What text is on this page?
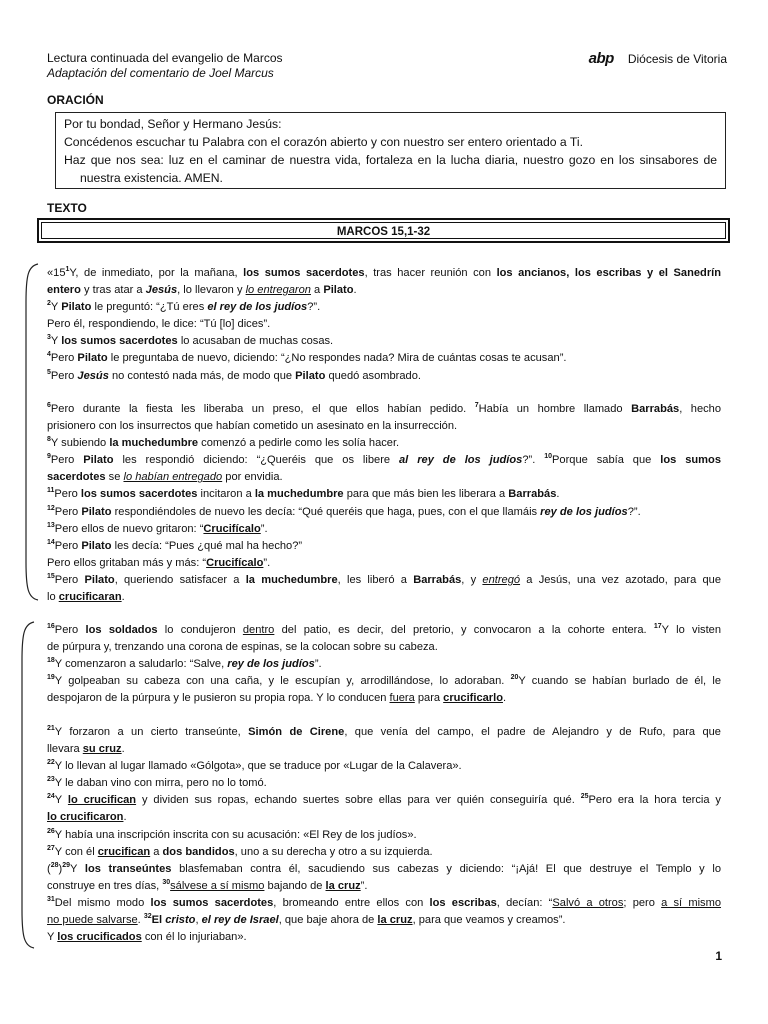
Lectura continuada del evangelio de Marcos
Adaptación del comentario de Joel Marcus
abp Diócesis de Vitoria
ORACIÓN
Por tu bondad, Señor y Hermano Jesús:
Concédenos escuchar tu Palabra con el corazón abierto y con nuestro ser entero orientado a Ti.
Haz que nos sea: luz en el caminar de nuestra vida, fortaleza en la lucha diaria, nuestro gozo en los sinsabores de nuestra existencia. AMEN.
TEXTO
MARCOS 15,1-32
«$15^1Y$, de inmediato, por la mañana, los sumos sacerdotes, tras hacer reunión con los ancianos, los escribas y el Sanedrín
entero y tras atar a Jesús, lo llevaron y lo entregaron a Pilato.
$^2$Y Pilato le preguntó: “¿Tú eres el rey de los judíos?”.
Pero él, respondiendo, le dice: “Tú [lo] dices”.
$^3$Y los sumos sacerdotes lo acusaban de muchas cosas.
$^4$Pero Pilato le preguntaba de nuevo, diciendo: “¿No respondes nada? Mira de cuántas cosas te acusan”.
$^5$Pero Jesús no contestó nada más, de modo que Pilato quedó asombrado.
$^6$Pero durante la fiesta les liberaba un preso, el que ellos habían pedido. $^7$Había un hombre llamado Barrabás, hecho
prisionero con los insurrectos que habían cometido un asesinato en la insurrección.
$^8$Y subiendo la muchedumbre comenzó a pedirle como les solía hacer.
$^9$Pero Pilato les respondió diciendo: “¿Queréis que os libere al rey de los judíos?”. $^{10}$Porque sabía que los sumos
sacerdotes se lo habían entregado por envidia.
$^{11}$Pero los sumos sacerdotes incitaron a la muchedumbre para que más bien les liberara a Barrabás.
$^{12}$Pero Pilato respondiéndoles de nuevo les decía: “Qué queréis que haga, pues, con el que llamáis rey de los judíos?”.
$^{13}$Pero ellos de nuevo gritaron: “Crucifícalo”.
$^{14}$Pero Pilato les decía: “Pues ¿qué mal ha hecho?”
Pero ellos gritaban más y más: “Crucifícalo”.
$^{15}$Pero Pilato, queriendo satisfacer a la muchedumbre, les liberó a Barrabás, y entregó a Jesús, una vez azotado, para que
lo crucificaran.
$^{16}$Pero los soldados lo condujeron dentro del patio, es decir, del pretorio, y convocaron a la cohorte entera. $^{17}$Y lo visten
de púrpura y, trenzando una corona de espinas, se la colocan sobre su cabeza.
$^{18}$Y comenzaron a saludarlo: “Salve, rey de los judíos”.
$^{19}$Y golpeaban su cabeza con una caña, y le escupían y, arrodillándose, lo adoraban. $^{20}$Y cuando se habían burlado de él, le
despojaron de la púrpura y le pusieron su propia ropa. Y lo conducen fuera para crucificarlo.
$^{21}$Y forzaron a un cierto transeúnte, Simón de Cirene, que venía del campo, el padre de Alejandro y de Rufo, para que
llevara su cruz.
$^{22}$Y lo llevan al lugar llamado «Gólgota», que se traduce por «Lugar de la Calavera».
$^{23}$Y le daban vino con mirra, pero no lo tomó.
$^{24}$Y lo crucifican y dividen sus ropas, echando suertes sobre ellas para ver quién conseguiría qué. $^{25}$Pero era la hora tercia y
lo crucificaron.
$^{26}$Y había una inscripción inscrita con su acusación: «El Rey de los judíos».
$^{27}$Y con él crucifican a dos bandidos, uno a su derecha y otro a su izquierda.
$(^{28})^{29}Y$ los transeúntes blasfemaban contra él, sacudiendo sus cabezas y diciendo: “¡Ajá! El que destruye el Templo y lo
construye en tres días, $^{30}$sálvese a sí mismo bajando de la cruz”.
$^{31}$Del mismo modo los sumos sacerdotes, bromeando entre ellos con los escribas, decían: “Salvó a otros; pero a sí mismo
no puede salvarse. $^{32}$El cristo, el rey de Israel, que baje ahora de la cruz, para que veamos y creamos”.
Y los crucificados con él lo injuriaban».
1
